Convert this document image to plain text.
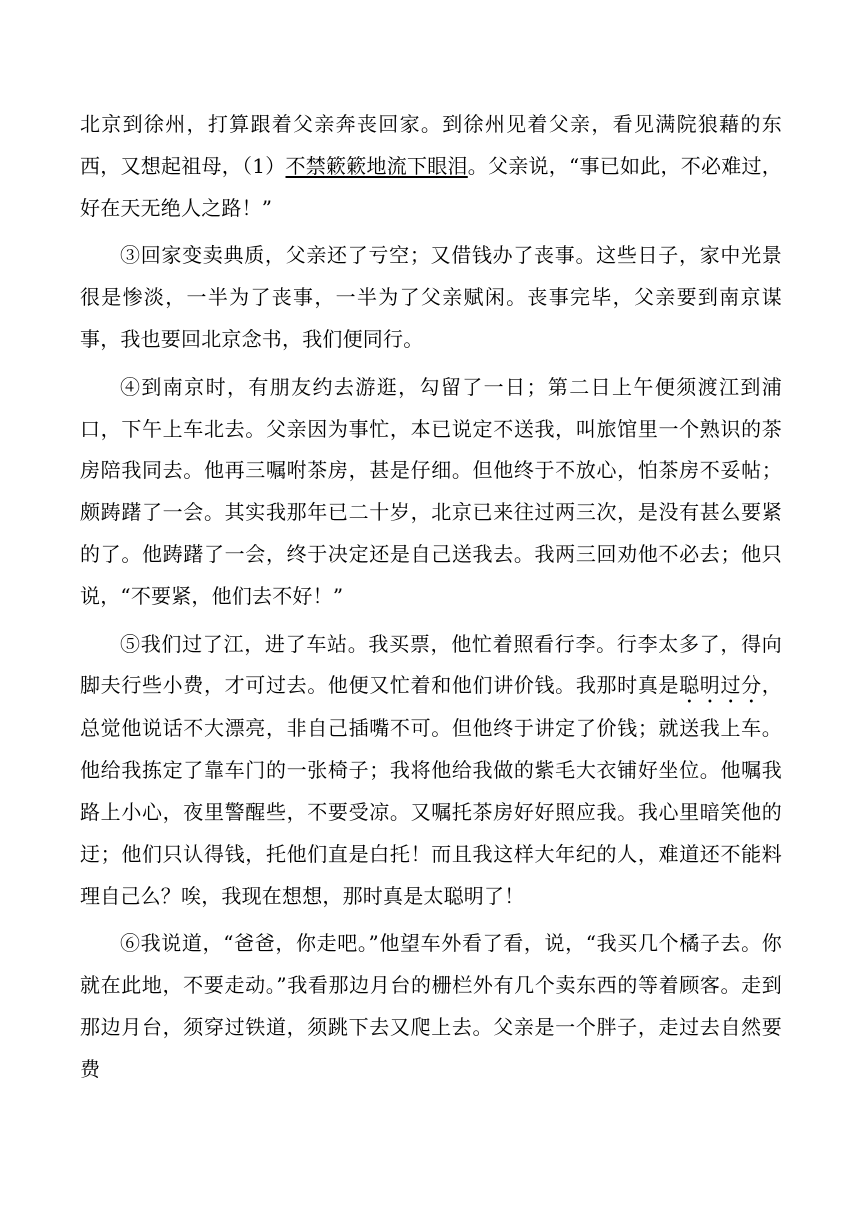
北京到徐州，打算跟着父亲奔丧回家。到徐州见着父亲，看见满院狼藉的东西，又想起祖母，（1）不禁簌簌地流下眼泪。父亲说，“事已如此，不必难过，好在天无绝人之路！”

③回家变卖典质，父亲还了亏空；又借钱办了丧事。这些日子，家中光景很是惨淡，一半为了丧事，一半为了父亲赋闲。丧事完毕，父亲要到南京谋事，我也要回北京念书，我们便同行。

④到南京时，有朋友约去游逛，勾留了一日；第二日上午便须渡江到浦口，下午上车北去。父亲因为事忙，本已说定不送我，叫旅馆里一个熟识的茶房陪我同去。他再三嘱咐茶房，甚是仔细。但他终于不放心，怕茶房不妥帖；颇踌躇了一会。其实我那年已二十岁，北京已来往过两三次，是没有甚么要紧的了。他踌躇了一会，终于决定还是自己送我去。我两三回劝他不必去；他只说，“不要紧，他们去不好！”

⑤我们过了江，进了车站。我买票，他忙着照看行李。行李太多了，得向脚夫行些小费，才可过去。他便又忙着和他们讲价钱。我那时真是聪明过分，总觉他说话不大漂亮，非自己插嘴不可。但他终于讲定了价钱；就送我上车。他给我拣定了靠车门的一张椅子；我将他给我做的紫毛大衣铺好坐位。他嘱我路上小心，夜里警醒些，不要受凉。又嘱托茶房好好照应我。我心里暗笑他的迂；他们只认得钱，托他们直是白托！而且我这样大年纪的人，难道还不能料理自己么？唉，我现在想想，那时真是太聪明了！

⑥我说道，“爸爸，你走吧。”他望车外看了看，说，“我买几个橘子去。你就在此地，不要走动。”我看那边月台的栅栏外有几个卖东西的等着顾客。走到那边月台，须穿过铁道，须跳下去又爬上去。父亲是一个胖子，走过去自然要费
